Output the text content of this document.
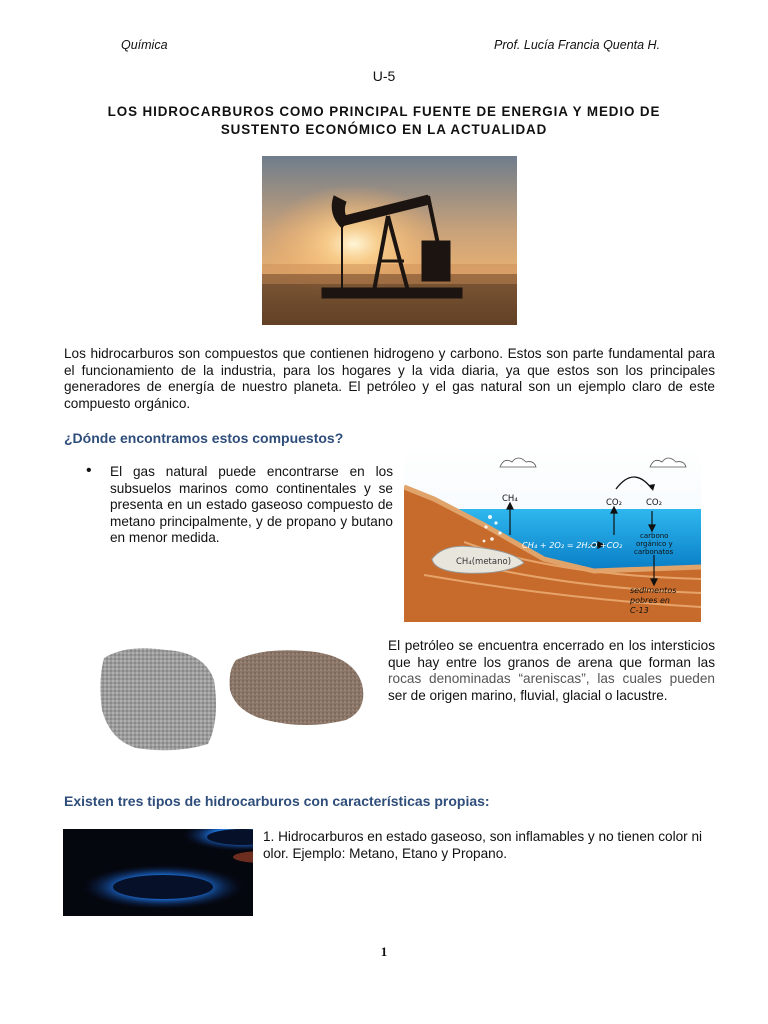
Química	Prof. Lucía Francia Quenta H.
U-5
LOS HIDROCARBUROS COMO PRINCIPAL FUENTE DE ENERGIA Y MEDIO DE
SUSTENTO ECONÓMICO EN LA ACTUALIDAD
Los hidrocarburos son compuestos que contienen hidrogeno y carbono. Estos son parte fundamental para el funcionamiento de la industria, para los hogares y la vida diaria, ya que estos son los principales generadores de energía de nuestro planeta. El petróleo y el gas natural son un ejemplo claro de este compuesto orgánico.
¿Dónde encontramos estos compuestos?
• El gas natural puede encontrarse en los subsuelos marinos como continentales y se presenta en un estado gaseoso compuesto de metano principalmente, y de propano y butano en menor medida.
CH₄	CO₂	CO₂
CH₄ + 2O₂ = 2H₂O +CO₂
CH₄(metano)
carbono
orgánico y
carbonatos
sedimentos
pobres en
C-13
El petróleo se encuentra encerrado en los intersticios que hay entre los granos de arena que forman las rocas denominadas “areniscas”, las cuales pueden ser de origen marino, fluvial, glacial o lacustre.
Existen tres tipos de hidrocarburos con características propias:
1. Hidrocarburos en estado gaseoso, son inflamables y no tienen color ni
olor. Ejemplo: Metano, Etano y Propano.
1
